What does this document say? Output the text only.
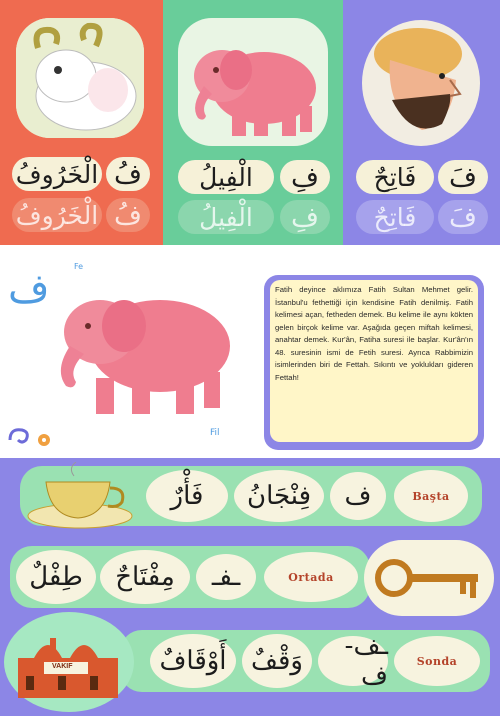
فُ
الْخَرُوفُ
فُ
الْخَرُوفُ
فِ
الْفِيلُ
فِ
الْفِيلُ
فَ
فَاتِحٌ
فَ
فَاتِحٌ
ف	Fe
Fil

Fatih deyince aklımıza Fatih Sultan Mehmet gelir. İstanbul'u fethettiği için kendisine Fatih denilmiş. Fatih kelimesi açan, fetheden demek. Bu kelime ile aynı kökten gelen birçok kelime var. Aşağıda geçen miftah kelimesi, anahtar demek. Kur'ân, Fatiha suresi ile başlar. Kur'ân'ın 48. suresinin ismi de Fetih suresi. Ayrıca Rabbimizin isimlerinden biri de Fettah. Sıkıntı ve yoklukları gideren Fettah!

Başta
ف
فِنْجَانُ
فَأْرٌ
Ortada
ـفـ
مِفْتَاحٌ
طِفْلٌ
Sonda
ـف-ف
وَقْفٌ
أَوْقَافٌ
VAKIF
